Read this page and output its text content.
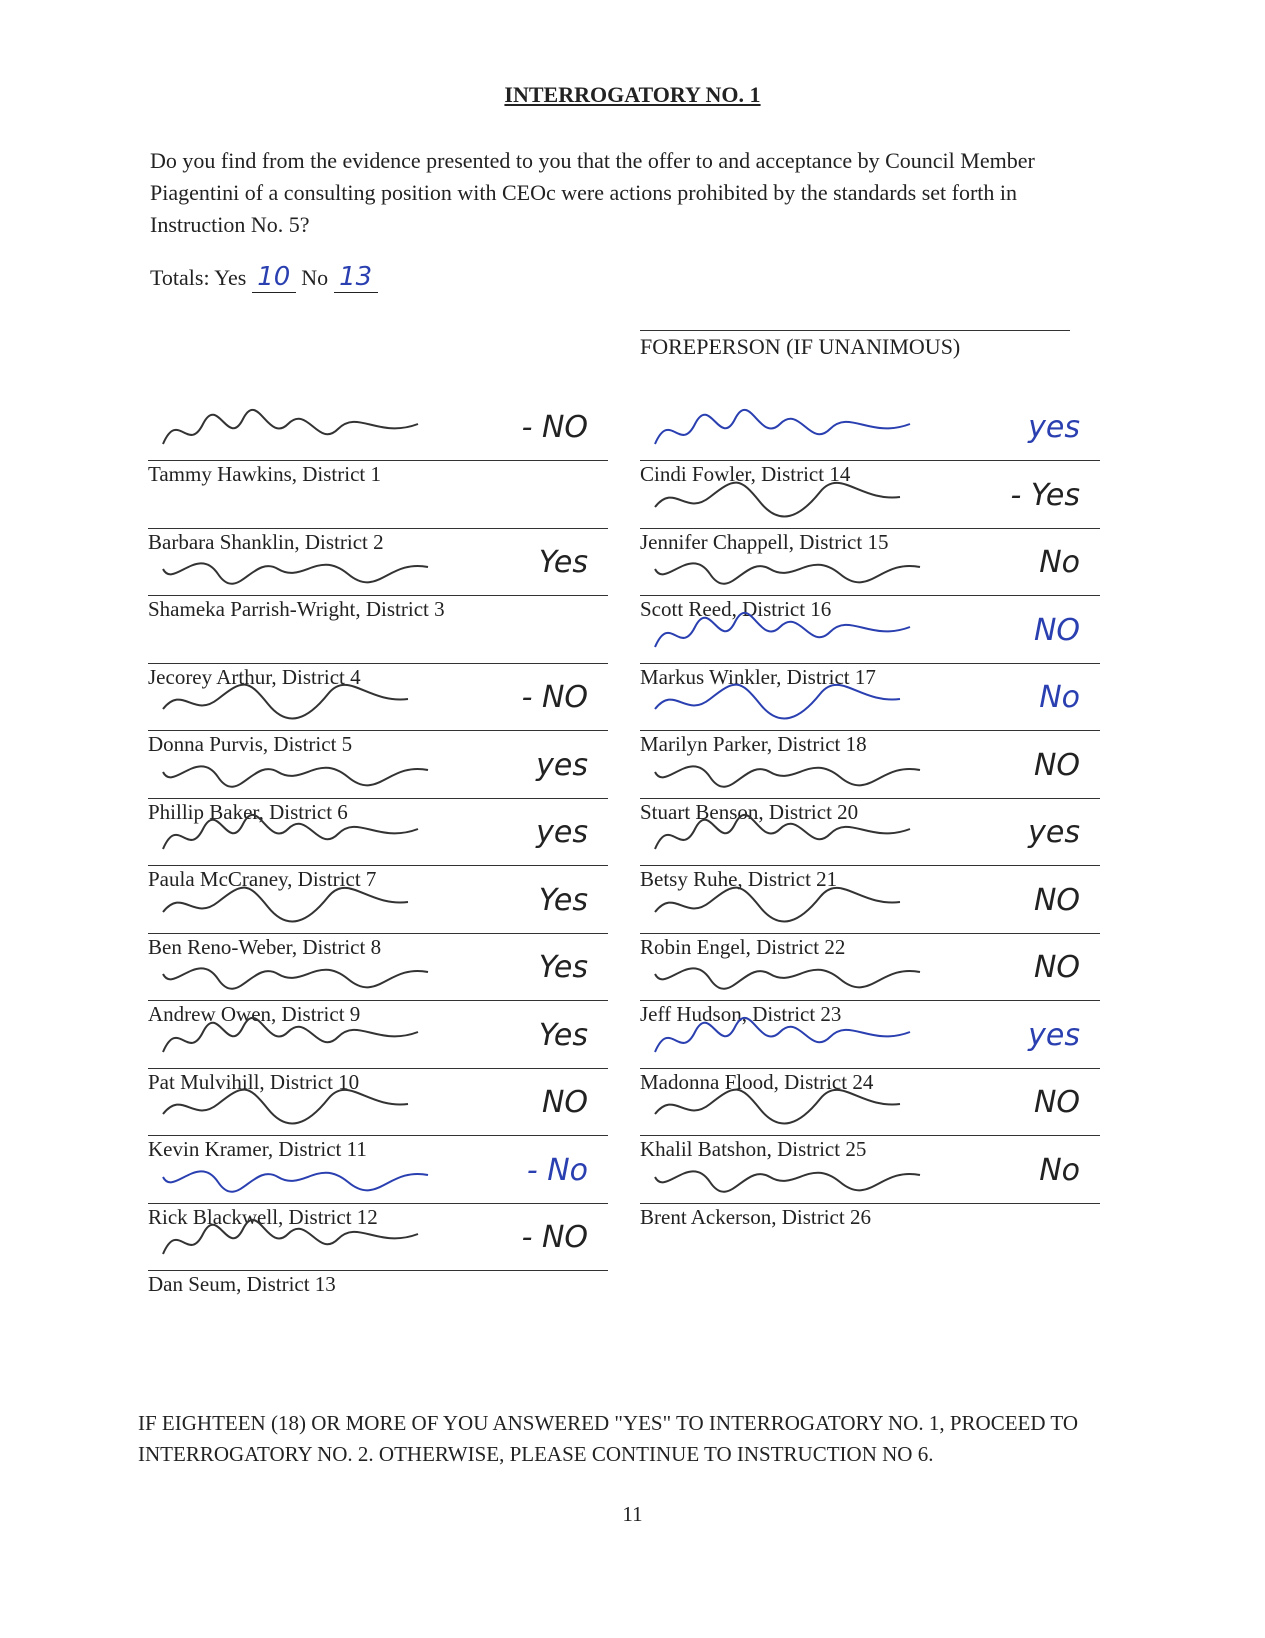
INTERROGATORY NO. 1
Do you find from the evidence presented to you that the offer to and acceptance by Council Member Piagentini of a consulting position with CEOc were actions prohibited by the standards set forth in Instruction No. 5?
Totals: Yes 10 No 13
FOREPERSON (IF UNANIMOUS)
Tammy Hawkins, District 1
- NO
Barbara Shanklin, District 2
Shameka Parrish-Wright, District 3
Yes
Jecorey Arthur, District 4
Donna Purvis, District 5
- NO
Phillip Baker, District 6
yes
Paula McCraney, District 7
yes
Ben Reno-Weber, District 8
Yes
Andrew Owen, District 9
Yes
Pat Mulvihill, District 10
Yes
Kevin Kramer, District 11
NO
Rick Blackwell, District 12
- No
Dan Seum, District 13
- NO
Cindi Fowler, District 14
yes
Jennifer Chappell, District 15
- Yes
Scott Reed, District 16
No
Markus Winkler, District 17
NO
Marilyn Parker, District 18
No
Stuart Benson, District 20
NO
Betsy Ruhe, District 21
yes
Robin Engel, District 22
NO
Jeff Hudson, District 23
NO
Madonna Flood, District 24
yes
Khalil Batshon, District 25
NO
Brent Ackerson, District 26
No
IF EIGHTEEN (18) OR MORE OF YOU ANSWERED "YES" TO INTERROGATORY NO. 1, PROCEED TO INTERROGATORY NO. 2. OTHERWISE, PLEASE CONTINUE TO INSTRUCTION NO 6.
11
